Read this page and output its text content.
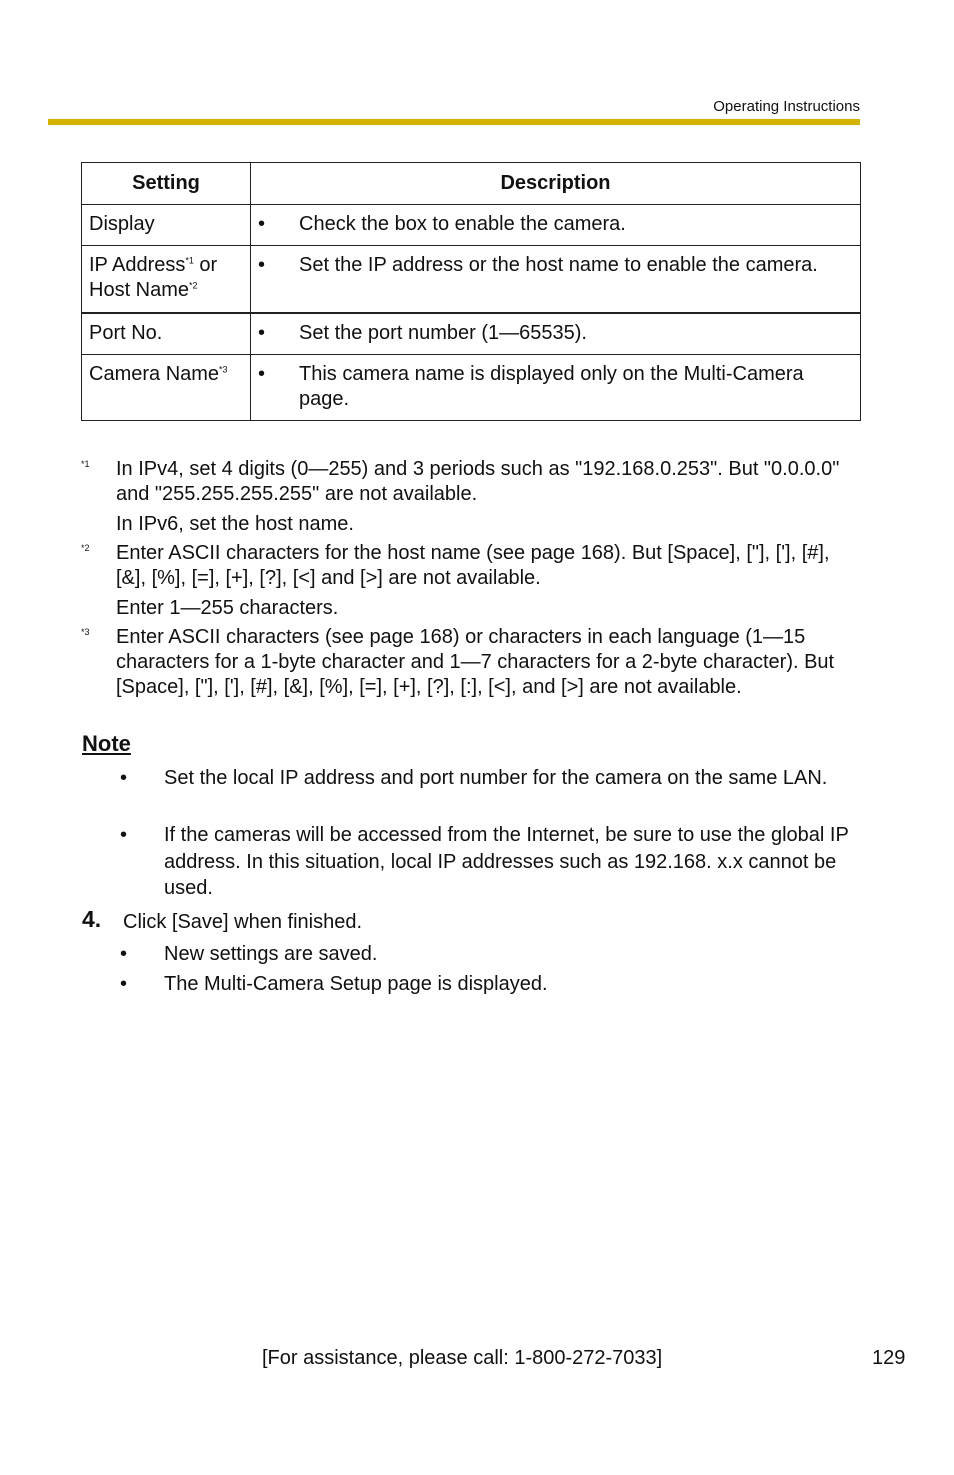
Operating Instructions
Setting	Description
Display	• Check the box to enable the camera.

IP Address$^{*1}$ or
Host Name$^{*2}$	• Set the IP address or the host name to enable the camera.

Port No.	• Set the port number (1—65535).

Camera Name$^{*3}$	• This camera name is displayed only on the Multi-Camera page.
*1 In IPv4, set 4 digits (0—255) and 3 periods such as "192.168.0.253". But "0.0.0.0" and "255.255.255.255" are not available.

In IPv6, set the host name.

*2 Enter ASCII characters for the host name (see page 168). But [Space], ["], ['], [#], [&], [%], [=], [+], [?], [<] and [>] are not available.

Enter 1—255 characters.

*3 Enter ASCII characters (see page 168) or characters in each language (1—15 characters for a 1-byte character and 1—7 characters for a 2-byte character). But [Space], ["], ['], [#], [&], [%], [=], [+], [?], [:], [<], and [>] are not available.

Note
•	Set the local IP address and port number for the camera on the same LAN.
•	If the cameras will be accessed from the Internet, be sure to use the global IP address. In this situation, local IP addresses such as 192.168. x.x cannot be used.
4. Click [Save] when finished.
•	New settings are saved.
•	The Multi-Camera Setup page is displayed.
[For assistance, please call: 1-800-272-7033]	129
